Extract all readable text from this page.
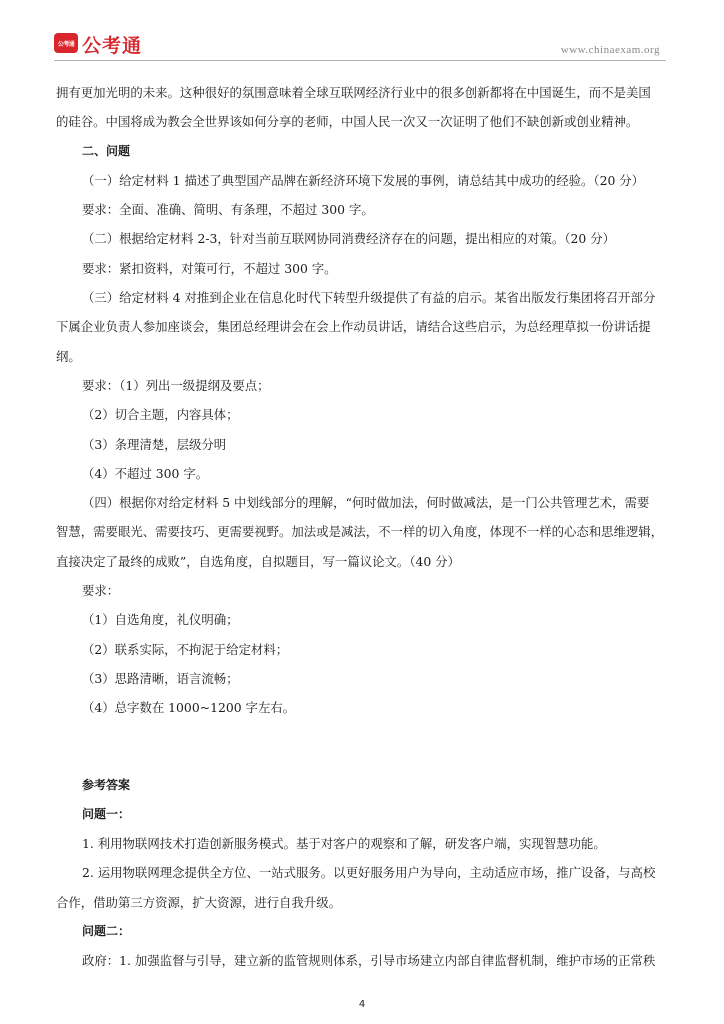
公考通 公考通	www.chinaexam.org
拥有更加光明的未来。这种很好的氛围意味着全球互联网经济行业中的很多创新都将在中国诞生，而不是美国
的硅谷。中国将成为教会全世界该如何分享的老师，中国人民一次又一次证明了他们不缺创新或创业精神。
二、问题
（一）给定材料 1 描述了典型国产品牌在新经济环境下发展的事例，请总结其中成功的经验。（20 分）
要求：全面、准确、简明、有条理，不超过 300 字。
（二）根据给定材料 2-3，针对当前互联网协同消费经济存在的问题，提出相应的对策。（20 分）
要求：紧扣资料，对策可行，不超过 300 字。
（三）给定材料 4 对推到企业在信息化时代下转型升级提供了有益的启示。某省出版发行集团将召开部分
下属企业负责人参加座谈会，集团总经理讲会在会上作动员讲话，请结合这些启示，为总经理草拟一份讲话提
纲。
要求：（1）列出一级提纲及要点；
（2）切合主题，内容具体；
（3）条理清楚，层级分明
（4）不超过 300 字。
（四）根据你对给定材料 5 中划线部分的理解，“何时做加法，何时做减法，是一门公共管理艺术，需要
智慧，需要眼光、需要技巧、更需要视野。加法或是减法，不一样的切入角度，体现不一样的心态和思维逻辑，
直接决定了最终的成败”，自选角度，自拟题目，写一篇议论文。（40 分）
要求：
（1）自选角度，礼仪明确；
（2）联系实际，不拘泥于给定材料；
（3）思路清晰，语言流畅；
（4）总字数在 1000~1200 字左右。
参考答案
问题一：
1. 利用物联网技术打造创新服务模式。基于对客户的观察和了解，研发客户端，实现智慧功能。
2. 运用物联网理念提供全方位、一站式服务。以更好服务用户为导向，主动适应市场，推广设备，与高校
合作，借助第三方资源，扩大资源，进行自我升级。
问题二：
政府：1. 加强监督与引导，建立新的监管规则体系，引导市场建立内部自律监督机制，维护市场的正常秩
4
